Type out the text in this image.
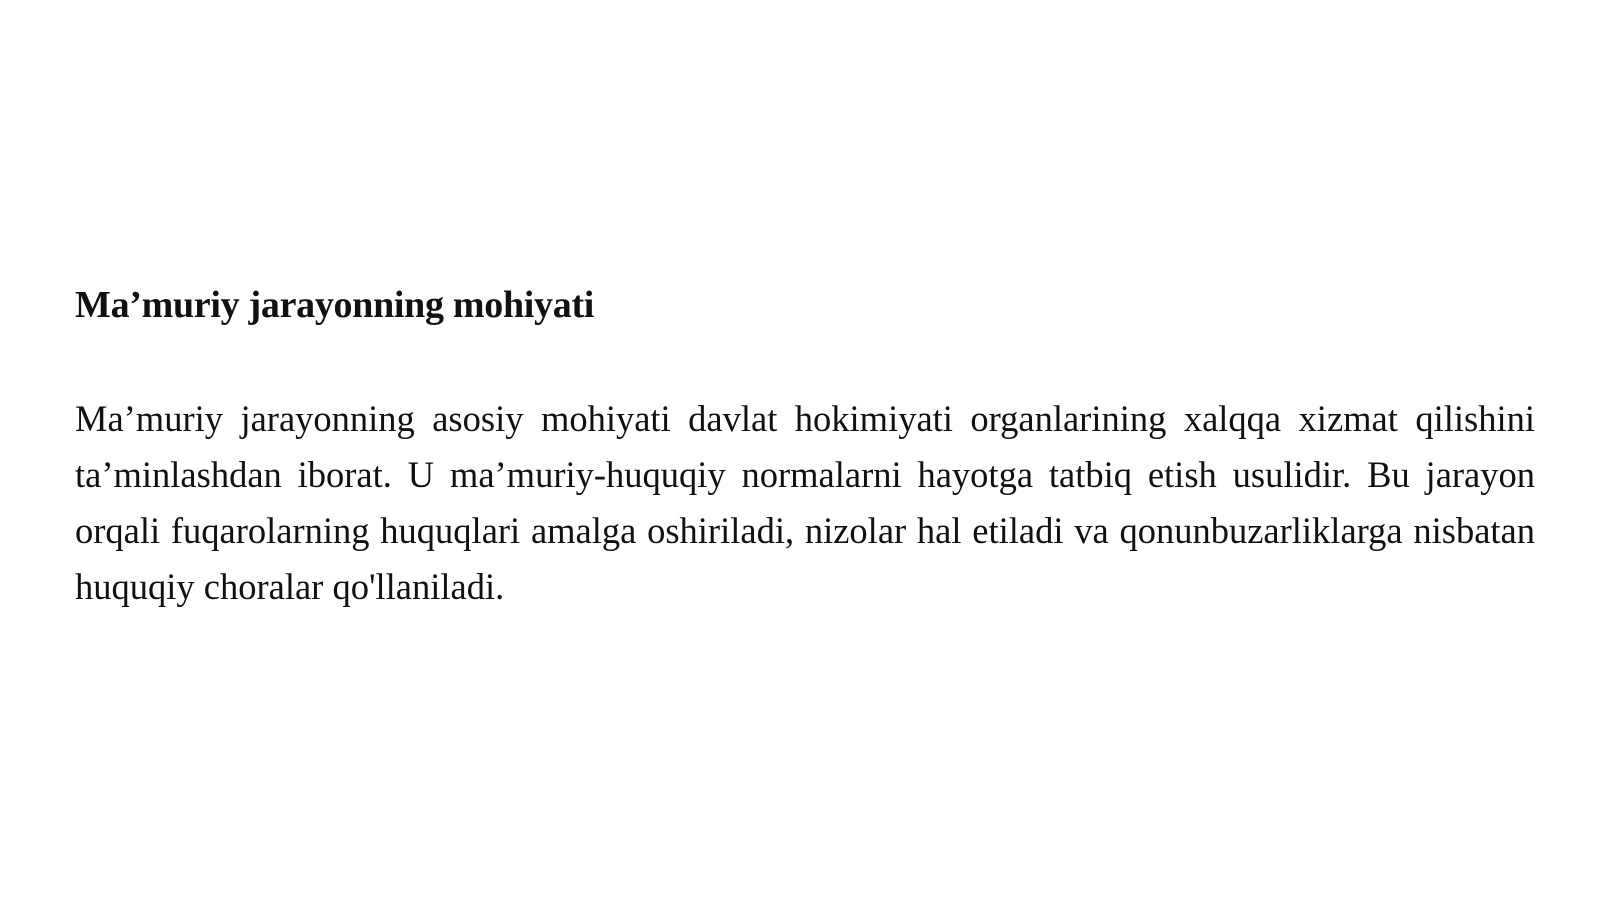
Ma’muriy jarayonning mohiyati

Ma’muriy jarayonning asosiy mohiyati davlat hokimiyati organlarining xalqqa xizmat qilishini ta’minlashdan iborat. U ma’muriy-huquqiy normalarni hayotga tatbiq etish usulidir. Bu jarayon orqali fuqarolarning huquqlari amalga oshiriladi, nizolar hal etiladi va qonunbuzarliklarga nisbatan huquqiy choralar qo'llaniladi.
